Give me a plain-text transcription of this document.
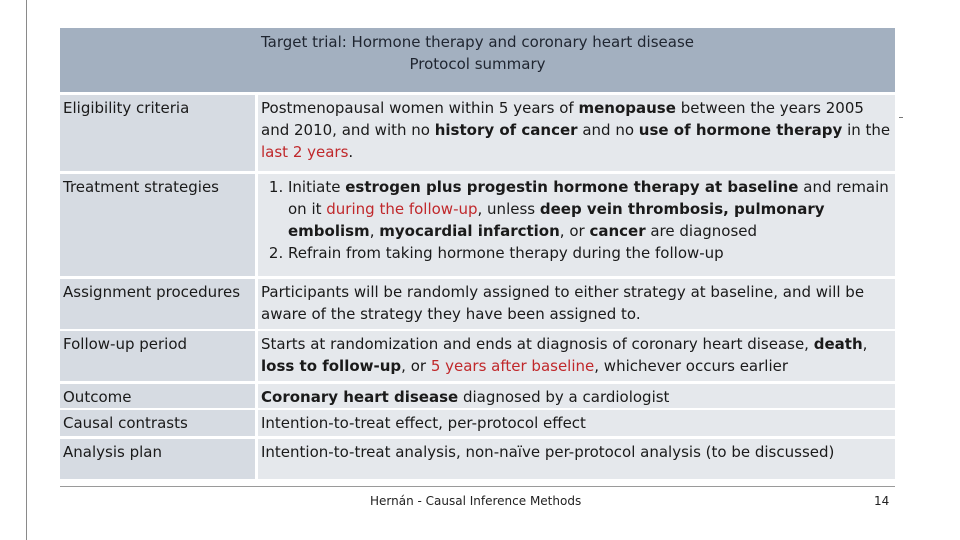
Target trial: Hormone therapy and coronary heart disease
Protocol summary
Eligibility criteria	Postmenopausal women within 5 years of menopause between the years 2005 and 2010, and with no history of cancer and no use of hormone therapy in the last 2 years.
Treatment strategies
1.	Initiate estrogen plus progestin hormone therapy at baseline and remain on it during the follow-up, unless deep vein thrombosis, pulmonary embolism, myocardial infarction, or cancer are diagnosed
2. Refrain from taking hormone therapy during the follow-up
Assignment procedures	Participants will be randomly assigned to either strategy at baseline, and will be aware of the strategy they have been assigned to.
Follow-up period	Starts at randomization and ends at diagnosis of coronary heart disease, death, loss to follow-up, or 5 years after baseline, whichever occurs earlier
Outcome	Coronary heart disease diagnosed by a cardiologist
Causal contrasts	Intention-to-treat effect, per-protocol effect
Analysis plan	Intention-to-treat analysis, non-naïve per-protocol analysis (to be discussed)
Hernán - Causal Inference Methods	14
